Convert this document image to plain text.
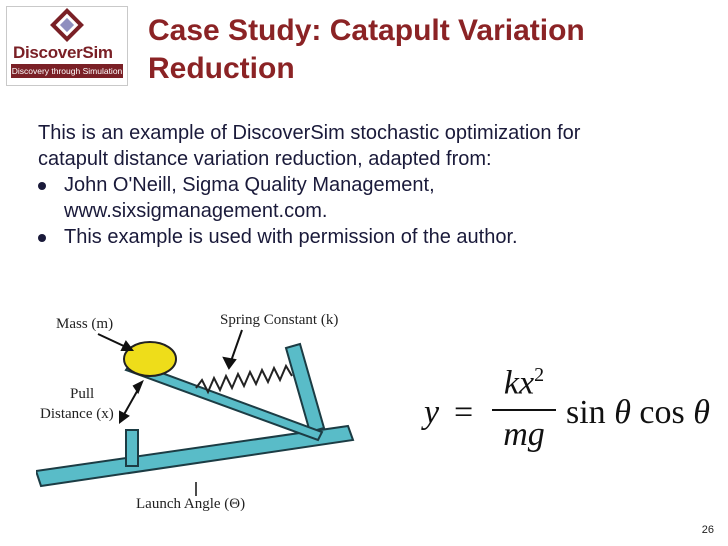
DiscoverSim
Discovery through Simulation
Case Study: Catapult Variation
Reduction
This is an example of DiscoverSim stochastic optimization for
catapult distance variation reduction, adapted from:
John O'Neill, Sigma Quality Management,
www.sixsigmanagement.com.
This example is used with permission of the author.
Mass (m)	Spring Constant (k)
Pull
Distance (x)
Launch Angle (Θ)
y =
$kx^2$
mg
sin θ cos θ
26
